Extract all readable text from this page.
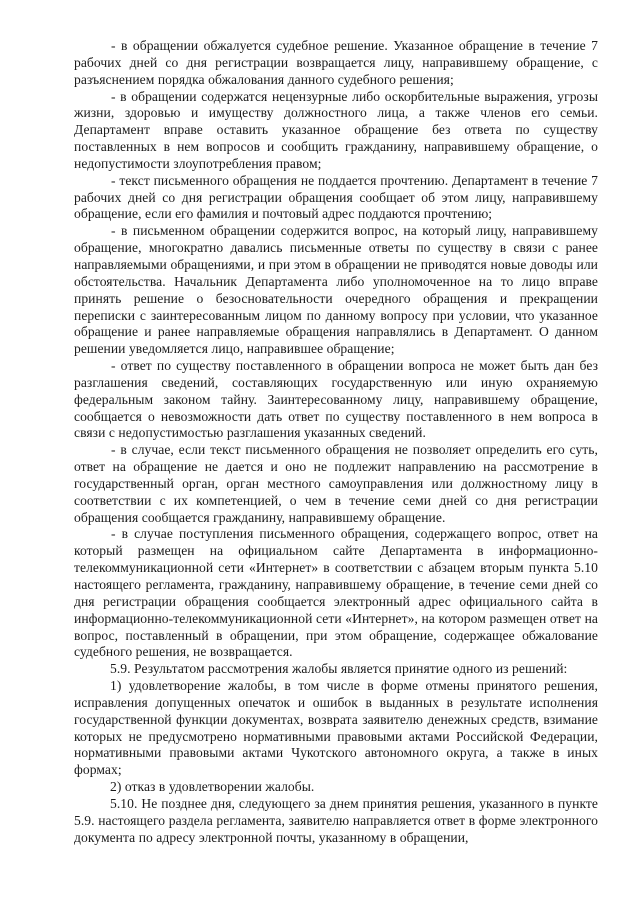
- в обращении обжалуется судебное решение. Указанное обращение в течение 7 рабочих дней со дня регистрации возвращается лицу, направившему обращение, с разъяснением порядка обжалования данного судебного решения;

- в обращении содержатся нецензурные либо оскорбительные выражения, угрозы жизни, здоровью и имуществу должностного лица, а также членов его семьи. Департамент вправе оставить указанное обращение без ответа по существу поставленных в нем вопросов и сообщить гражданину, направившему обращение, о недопустимости злоупотребления правом;

- текст письменного обращения не поддается прочтению. Департамент в течение 7 рабочих дней со дня регистрации обращения сообщает об этом лицу, направившему обращение, если его фамилия и почтовый адрес поддаются прочтению;

- в письменном обращении содержится вопрос, на который лицу, направившему обращение, многократно давались письменные ответы по существу в связи с ранее направляемыми обращениями, и при этом в обращении не приводятся новые доводы или обстоятельства. Начальник Департамента либо уполномоченное на то лицо вправе принять решение о безосновательности очередного обращения и прекращении переписки с заинтересованным лицом по данному вопросу при условии, что указанное обращение и ранее направляемые обращения направлялись в Департамент. О данном решении уведомляется лицо, направившее обращение;

- ответ по существу поставленного в обращении вопроса не может быть дан без разглашения сведений, составляющих государственную или иную охраняемую федеральным законом тайну. Заинтересованному лицу, направившему обращение, сообщается о невозможности дать ответ по существу поставленного в нем вопроса в связи с недопустимостью разглашения указанных сведений.

- в случае, если текст письменного обращения не позволяет определить его суть, ответ на обращение не дается и оно не подлежит направлению на рассмотрение в государственный орган, орган местного самоуправления или должностному лицу в соответствии с их компетенцией, о чем в течение семи дней со дня регистрации обращения сообщается гражданину, направившему обращение.

- в случае поступления письменного обращения, содержащего вопрос, ответ на который размещен на официальном сайте Департамента в информационно-телекоммуникационной сети «Интернет» в соответствии с абзацем вторым пункта 5.10 настоящего регламента, гражданину, направившему обращение, в течение семи дней со дня регистрации обращения сообщается электронный адрес официального сайта в информационно-телекоммуникационной сети «Интернет», на котором размещен ответ на вопрос, поставленный в обращении, при этом обращение, содержащее обжалование судебного решения, не возвращается.

5.9. Результатом рассмотрения жалобы является принятие одного из решений:

1) удовлетворение жалобы, в том числе в форме отмены принятого решения, исправления допущенных опечаток и ошибок в выданных в результате исполнения государственной функции документах, возврата заявителю денежных средств, взимание которых не предусмотрено нормативными правовыми актами Российской Федерации, нормативными правовыми актами Чукотского автономного округа, а также в иных формах;

2) отказ в удовлетворении жалобы.

5.10. Не позднее дня, следующего за днем принятия решения, указанного в пункте 5.9. настоящего раздела регламента, заявителю направляется ответ в форме электронного документа по адресу электронной почты, указанному в обращении,
